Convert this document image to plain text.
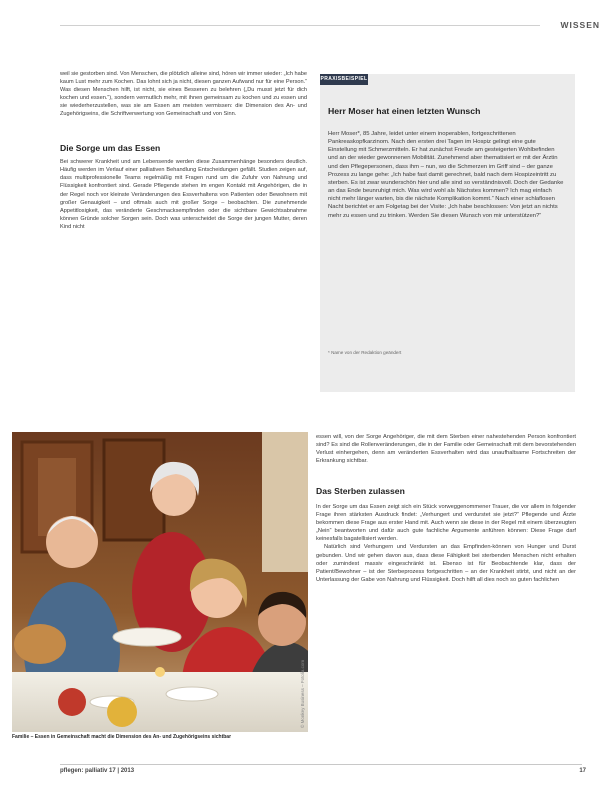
WISSEN

weil sie gestorben sind. Von Menschen, die plötzlich alleine sind, hören wir immer wieder: „Ich habe kaum Lust mehr zum Kochen. Das lohnt sich ja nicht, diesen ganzen Aufwand nur für eine Person.“ Was diesen Menschen hilft, ist nicht, sie eines Besseren zu belehren („Du musst jetzt für dich kochen und essen.“), sondern vermutlich mehr, mit ihnen gemeinsam zu kochen und zu essen und sie wiederherzustellen, was sie am Essen am meisten vermissen: die Dimension des An- und Zugehörigseins, die Schriftverwertung von Gemeinschaft und von Sinn.

Die Sorge um das Essen

Bei schwerer Krankheit und am Lebensende werden diese Zusammenhänge besonders deutlich. Häufig werden im Verlauf einer palliativen Behandlung Entscheidungen gefällt. Studien zeigen auf, dass multiprofessionelle Teams regelmäßig mit Fragen rund um die Zufuhr von Nahrung und Flüssigkeit konfrontiert sind. Gerade Pflegende stehen im engen Kontakt mit Angehörigen, die in der Regel noch vor kleinste Veränderungen des Essverhaltens von Patienten oder Bewohnern mit großer Genauigkeit – und oftmals auch mit großer Sorge – beobachten. Die zunehmende Appetitlosigkeit, das veränderte Geschmacksempfinden oder die sichtbare Gewichtsabnahme können Gründe solcher Sorgen sein. Doch was unterscheidet die Sorge der jungen Mutter, deren Kind nicht

PRAXISBEISPIEL
Herr Moser hat einen letzten Wunsch

Herr Moser*, 85 Jahre, leidet unter einem inoperablen, fortgeschrittenen Pankreaskopfkarzinom. Nach den ersten drei Tagen im Hospiz gelingt eine gute Einstellung mit Schmerzmitteln. Er hat zunächst Freude am gesteigerten Wohlbefinden und an der wieder gewonnenen Mobilität. Zunehmend aber thematisiert er mit der Ärztin und den Pflegepersonen, dass ihm – nun, wo die Schmerzen im Griff sind – der ganze Prozess zu lange gehe: „Ich habe fast damit gerechnet, bald nach dem Hospizeintritt zu sterben. Es ist zwar wunderschön hier und alle sind so verständnisvoll. Doch der Gedanke an das Ende beunruhigt mich. Was wird wohl als Nächstes kommen? Ich mag einfach nicht mehr länger warten, bis die nächste Komplikation kommt.“ Nach einer schlaflosen Nacht berichtet er am Folgetag bei der Visite: „Ich habe beschlossen: Von jetzt an nichts mehr zu essen und zu trinken. Werden Sie diesen Wunsch von mir unterstützen?“

* Name von der Redaktion geändert
© Monkey Business – Fotolia.com
Familie – Essen in Gemeinschaft macht die Dimension des An- und Zugehörigseins sichtbar

essen will, von der Sorge Angehöriger, die mit dem Sterben einer nahestehenden Person konfrontiert sind? Es sind die Rollenveränderungen, die in der Familie oder Gemeinschaft mit dem bevorstehenden Verlust einhergehen, denn am veränderten Essverhalten wird das unaufhaltsame Fortschreiten der Erkrankung sichtbar.

Das Sterben zulassen

In der Sorge um das Essen zeigt sich ein Stück vorweggenommener Trauer, die vor allem in folgender Frage ihren stärksten Ausdruck findet: „Verhungert und verdurstet sie jetzt?“ Pflegende und Ärzte bekommen diese Frage aus erster Hand mit. Auch wenn sie diese in der Regel mit einem überzeugten „Nein“ beantworten und dafür auch gute fachliche Argumente anführen können: Diese Frage darf keinesfalls bagatellisiert werden.

Natürlich sind Verhungern und Verdursten an das Empfinden-können von Hunger und Durst gebunden. Und wir gehen davon aus, dass diese Fähigkeit bei sterbenden Menschen nicht erhalten oder zumindest massiv eingeschränkt ist. Ebenso ist für Beobachtende klar, dass der Patient/Bewohner – ist der Sterbeprozess fortgeschritten – an der Krankheit stirbt, und nicht an der Unterlassung der Gabe von Nahrung und Flüssigkeit. Doch hilft all dies noch so guten fachlichen

pflegen: palliativ 17 | 2013	17
